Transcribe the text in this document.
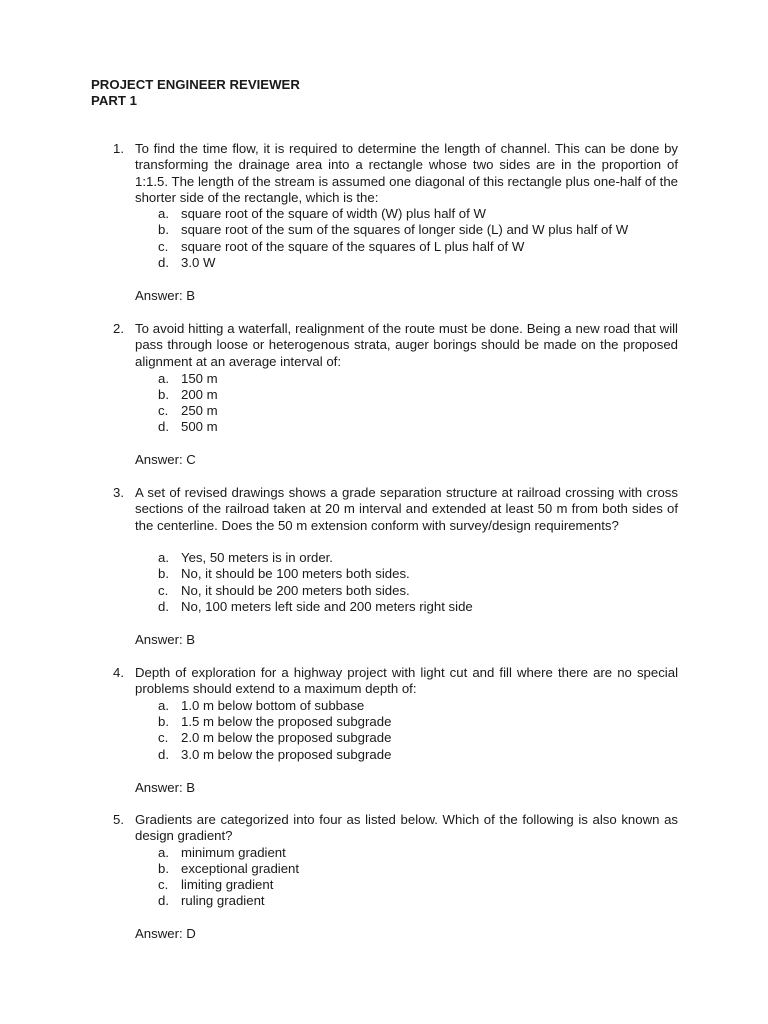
PROJECT ENGINEER REVIEWER
PART 1
1. To find the time flow, it is required to determine the length of channel. This can be done by transforming the drainage area into a rectangle whose two sides are in the proportion of 1:1.5. The length of the stream is assumed one diagonal of this rectangle plus one-half of the shorter side of the rectangle, which is the:

a. square root of the square of width (W) plus half of W
b. square root of the sum of the squares of longer side (L) and W plus half of W
c. square root of the square of the squares of L plus half of W
d. 3.0 W
Answer: B
2. To avoid hitting a waterfall, realignment of the route must be done. Being a new road that will pass through loose or heterogenous strata, auger borings should be made on the proposed alignment at an average interval of:

a. 150 m
b. 200 m
c. 250 m
d. 500 m
Answer: C
3. A set of revised drawings shows a grade separation structure at railroad crossing with cross sections of the railroad taken at 20 m interval and extended at least 50 m from both sides of the centerline. Does the 50 m extension conform with survey/design requirements?

a. Yes, 50 meters is in order.
b. No, it should be 100 meters both sides.
c. No, it should be 200 meters both sides.
d. No, 100 meters left side and 200 meters right side
Answer: B
4. Depth of exploration for a highway project with light cut and fill where there are no special problems should extend to a maximum depth of:

a. 1.0 m below bottom of subbase
b. 1.5 m below the proposed subgrade
c. 2.0 m below the proposed subgrade
d. 3.0 m below the proposed subgrade
Answer: B
5. Gradients are categorized into four as listed below. Which of the following is also known as design gradient?

a. minimum gradient
b. exceptional gradient
c. limiting gradient
d. ruling gradient
Answer: D
